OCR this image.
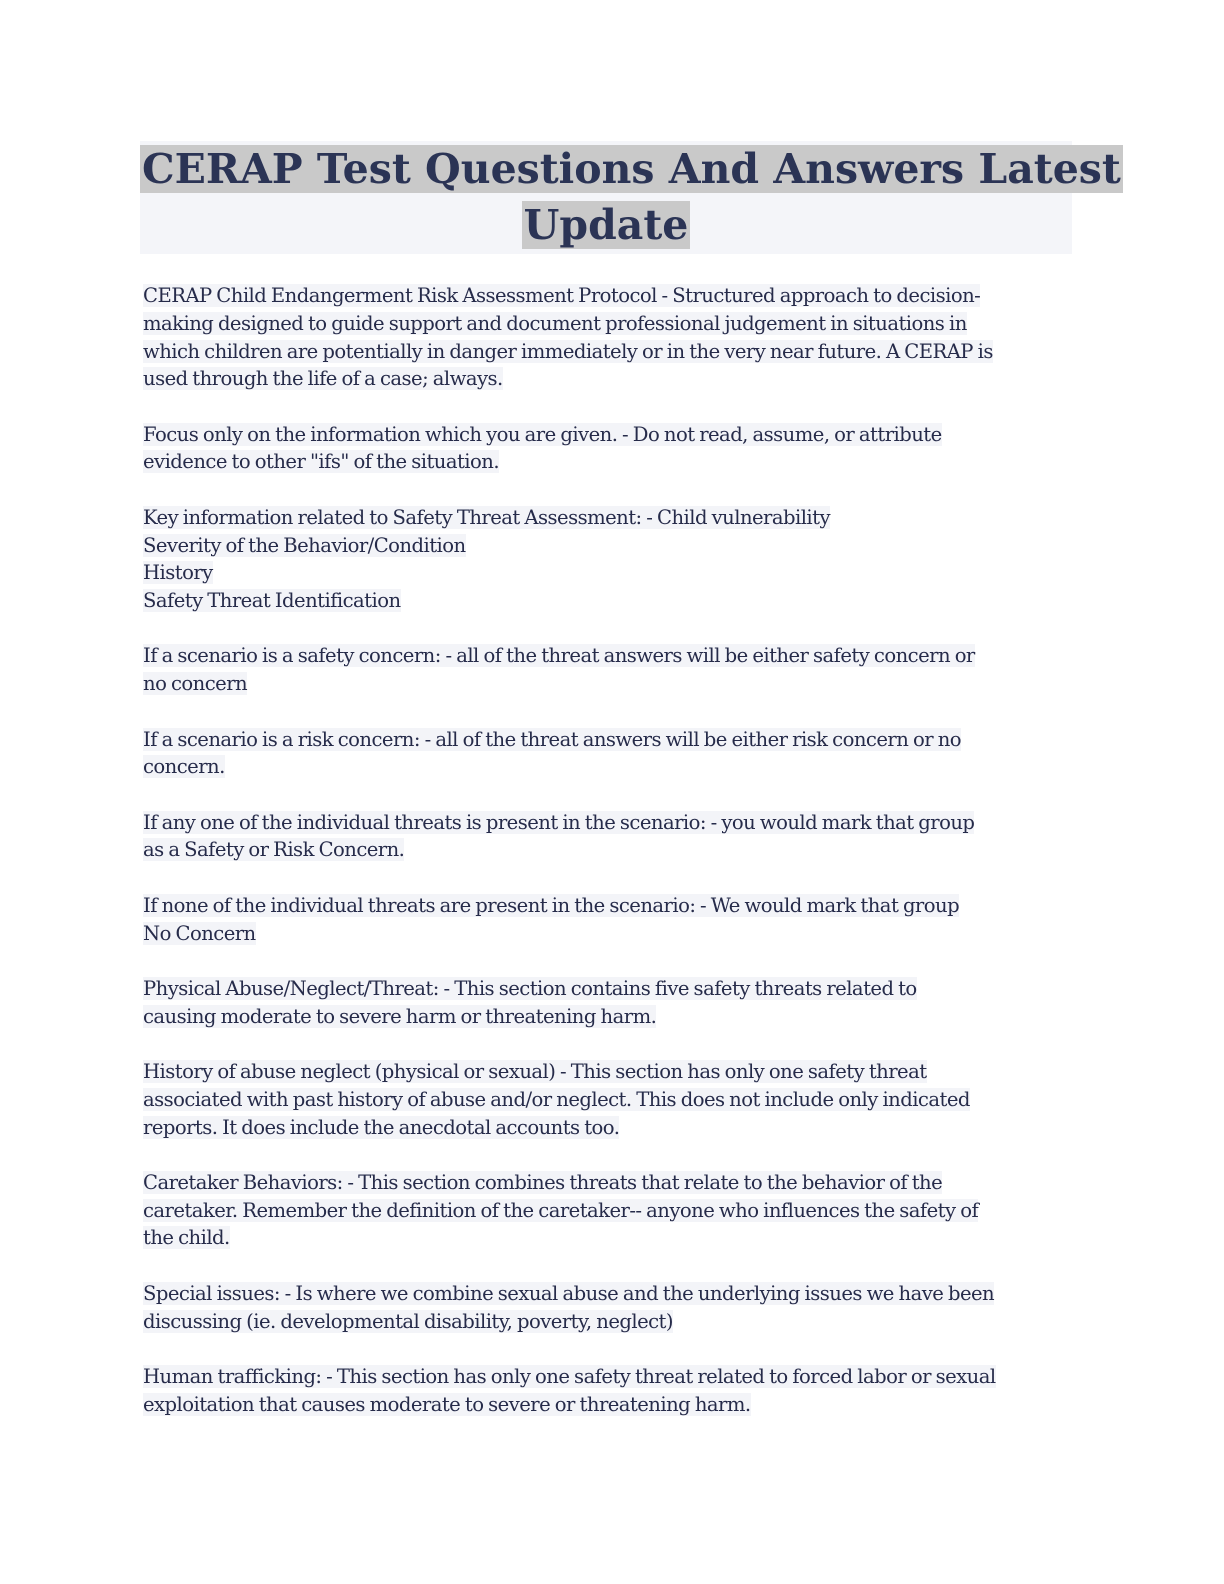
CERAP Test Questions And Answers Latest
Update
CERAP Child Endangerment Risk Assessment Protocol - Structured approach to decision-
making designed to guide support and document professional judgement in situations in
which children are potentially in danger immediately or in the very near future. A CERAP is
used through the life of a case; always.
Focus only on the information which you are given. - Do not read, assume, or attribute
evidence to other "ifs" of the situation.
Key information related to Safety Threat Assessment: - Child vulnerability
Severity of the Behavior/Condition
History
Safety Threat Identification
If a scenario is a safety concern: - all of the threat answers will be either safety concern or
no concern
If a scenario is a risk concern: - all of the threat answers will be either risk concern or no
concern.
If any one of the individual threats is present in the scenario: - you would mark that group
as a Safety or Risk Concern.
If none of the individual threats are present in the scenario: - We would mark that group
No Concern
Physical Abuse/Neglect/Threat: - This section contains five safety threats related to
causing moderate to severe harm or threatening harm.
History of abuse neglect (physical or sexual) - This section has only one safety threat
associated with past history of abuse and/or neglect. This does not include only indicated
reports. It does include the anecdotal accounts too.
Caretaker Behaviors: - This section combines threats that relate to the behavior of the
caretaker. Remember the definition of the caretaker-- anyone who influences the safety of
the child.
Special issues: - Is where we combine sexual abuse and the underlying issues we have been
discussing (ie. developmental disability, poverty, neglect)
Human trafficking: - This section has only one safety threat related to forced labor or sexual
exploitation that causes moderate to severe or threatening harm.
